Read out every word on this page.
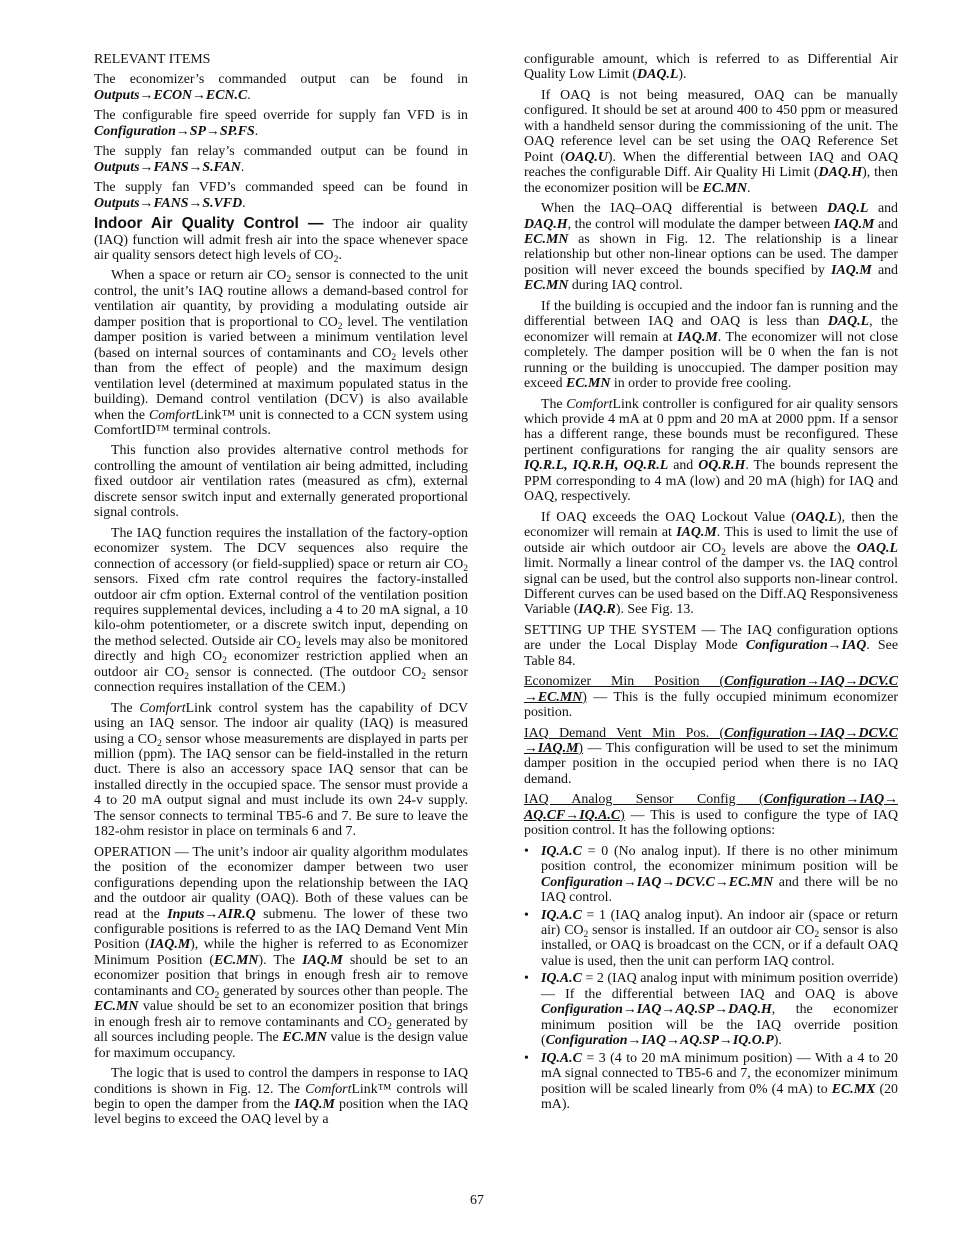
RELEVANT ITEMS

The economizer’s commanded output can be found in Outputs→ECON→ECN.C.

The configurable fire speed override for supply fan VFD is in Configuration→SP→SP.FS.

The supply fan relay’s commanded output can be found in Outputs→FANS→S.FAN.

The supply fan VFD’s commanded speed can be found in Outputs→FANS→S.VFD.

Indoor Air Quality Control — The indoor air quality (IAQ) function will admit fresh air into the space whenever space air quality sensors detect high levels of $CO_2$.

When a space or return air $CO_2$ sensor is connected to the unit control, the unit’s IAQ routine allows a demand-based control for ventilation air quantity, by providing a modulating outside air damper position that is proportional to $CO_2$ level. The ventilation damper position is varied between a minimum ventilation level (based on internal sources of contaminants and $CO_2$ levels other than from the effect of people) and the maximum design ventilation level (determined at maximum populated status in the building). Demand control ventilation (DCV) is also available when the ComfortLink™ unit is connected to a CCN system using ComfortID™ terminal controls.

This function also provides alternative control methods for controlling the amount of ventilation air being admitted, including fixed outdoor air ventilation rates (measured as cfm), external discrete sensor switch input and externally generated proportional signal controls.

The IAQ function requires the installation of the factory-option economizer system. The DCV sequences also require the connection of accessory (or field-supplied) space or return air $CO_2$ sensors. Fixed cfm rate control requires the factory-installed outdoor air cfm option. External control of the ventilation position requires supplemental devices, including a 4 to 20 mA signal, a 10 kilo-ohm potentiometer, or a discrete switch input, depending on the method selected. Outside air $CO_2$ levels may also be monitored directly and high $CO_2$ economizer restriction applied when an outdoor air $CO_2$ sensor is connected. (The outdoor $CO_2$ sensor connection requires installation of the CEM.)

The ComfortLink control system has the capability of DCV using an IAQ sensor. The indoor air quality (IAQ) is measured using a $CO_2$ sensor whose measurements are displayed in parts per million (ppm). The IAQ sensor can be field-installed in the return duct. There is also an accessory space IAQ sensor that can be installed directly in the occupied space. The sensor must provide a 4 to 20 mA output signal and must include its own 24-v supply. The sensor connects to terminal TB5-6 and 7. Be sure to leave the 182-ohm resistor in place on terminals 6 and 7.

OPERATION — The unit’s indoor air quality algorithm modulates the position of the economizer damper between two user configurations depending upon the relationship between the IAQ and the outdoor air quality (OAQ). Both of these values can be read at the Inputs→AIR.Q submenu. The lower of these two configurable positions is referred to as the IAQ Demand Vent Min Position (IAQ.M), while the higher is referred to as Economizer Minimum Position (EC.MN). The IAQ.M should be set to an economizer position that brings in enough fresh air to remove contaminants and $CO_2$ generated by sources other than people. The EC.MN value should be set to an economizer position that brings in enough fresh air to remove contaminants and $CO_2$ generated by all sources including people. The EC.MN value is the design value for maximum occupancy.

The logic that is used to control the dampers in response to IAQ conditions is shown in Fig. 12. The ComfortLink™ controls will begin to open the damper from the IAQ.M position when the IAQ level begins to exceed the OAQ level by a

configurable amount, which is referred to as Differential Air Quality Low Limit (DAQ.L).

If OAQ is not being measured, OAQ can be manually configured. It should be set at around 400 to 450 ppm or measured with a handheld sensor during the commissioning of the unit. The OAQ reference level can be set using the OAQ Reference Set Point (OAQ.U). When the differential between IAQ and OAQ reaches the configurable Diff. Air Quality Hi Limit (DAQ.H), then the economizer position will be EC.MN.

When the IAQ–OAQ differential is between DAQ.L and DAQ.H, the control will modulate the damper between IAQ.M and EC.MN as shown in Fig. 12. The relationship is a linear relationship but other non-linear options can be used. The damper position will never exceed the bounds specified by IAQ.M and EC.MN during IAQ control.

If the building is occupied and the indoor fan is running and the differential between IAQ and OAQ is less than DAQ.L, the economizer will remain at IAQ.M. The economizer will not close completely. The damper position will be 0 when the fan is not running or the building is unoccupied. The damper position may exceed EC.MN in order to provide free cooling.

The ComfortLink controller is configured for air quality sensors which provide 4 mA at 0 ppm and 20 mA at 2000 ppm. If a sensor has a different range, these bounds must be reconfigured. These pertinent configurations for ranging the air quality sensors are IQ.R.L, IQ.R.H, OQ.R.L and OQ.R.H. The bounds represent the PPM corresponding to 4 mA (low) and 20 mA (high) for IAQ and OAQ, respectively.

If OAQ exceeds the OAQ Lockout Value (OAQ.L), then the economizer will remain at IAQ.M. This is used to limit the use of outside air which outdoor air $CO_2$ levels are above the OAQ.L limit. Normally a linear control of the damper vs. the IAQ control signal can be used, but the control also supports non-linear control. Different curves can be used based on the Diff.AQ Responsiveness Variable (IAQ.R). See Fig. 13.

SETTING UP THE SYSTEM — The IAQ configuration options are under the Local Display Mode Configuration→IAQ. See Table 84.

Economizer Min Position (Configuration→IAQ→DCV.C →EC.MN) — This is the fully occupied minimum economizer position.

IAQ Demand Vent Min Pos. (Configuration→IAQ→DCV.C →IAQ.M) — This configuration will be used to set the minimum damper position in the occupied period when there is no IAQ demand.

IAQ Analog Sensor Config (Configuration→IAQ→ AQ.CF→IQ.A.C) — This is used to configure the type of IAQ position control. It has the following options:

• IQ.A.C = 0 (No analog input). If there is no other minimum position control, the economizer minimum position will be Configuration→IAQ→DCV.C→EC.MN and there will be no IAQ control.
• IQ.A.C = 1 (IAQ analog input). An indoor air (space or return air) $CO_2$ sensor is installed. If an outdoor air $CO_2$ sensor is also installed, or OAQ is broadcast on the CCN, or if a default OAQ value is used, then the unit can perform IAQ control.
• IQ.A.C = 2 (IAQ analog input with minimum position override) — If the differential between IAQ and OAQ is above Configuration→IAQ→AQ.SP→DAQ.H, the economizer minimum position will be the IAQ override position (Configuration→IAQ→AQ.SP→IQ.O.P).
• IQ.A.C = 3 (4 to 20 mA minimum position) — With a 4 to 20 mA signal connected to TB5-6 and 7, the economizer minimum position will be scaled linearly from 0% (4 mA) to EC.MX (20 mA).
67
